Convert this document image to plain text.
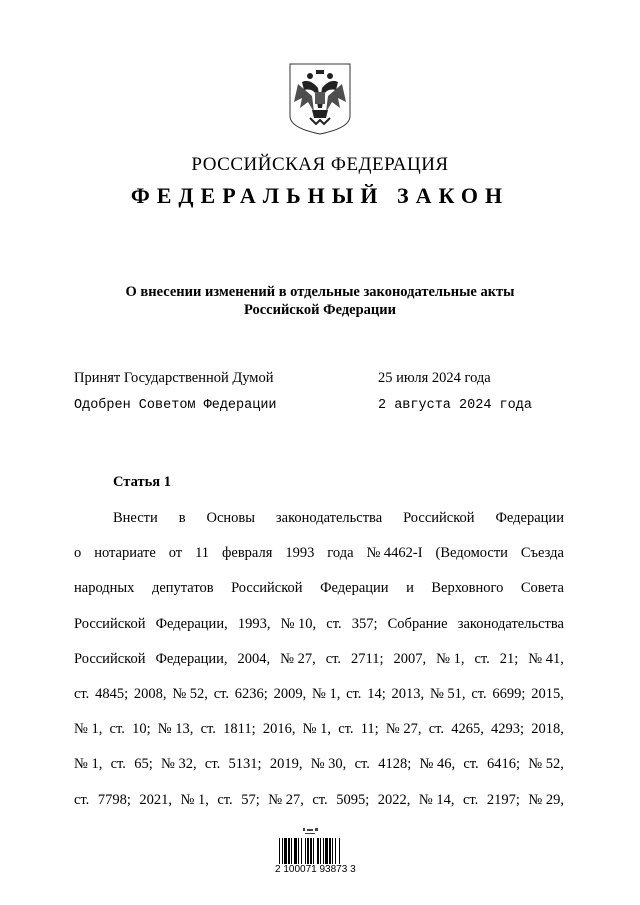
РОССИЙСКАЯ ФЕДЕРАЦИЯ
ФЕДЕРАЛЬНЫЙ ЗАКОН
О внесении изменений в отдельные законодательные акты
Российской Федерации
Принят Государственной Думой	25 июля 2024 года
Одобрен Советом Федерации	2 августа 2024 года
Статья 1
Внести в Основы законодательства Российской Федерации
о нотариате от 11 февраля 1993 года № 4462-I (Ведомости Съезда
народных депутатов Российской Федерации и Верховного Совета
Российской Федерации, 1993, № 10, ст. 357; Собрание законодательства
Российской Федерации, 2004, № 27, ст. 2711; 2007, № 1, ст. 21; № 41,
ст. 4845; 2008, № 52, ст. 6236; 2009, № 1, ст. 14; 2013, № 51, ст. 6699; 2015,
№ 1, ст. 10; № 13, ст. 1811; 2016, № 1, ст. 11; № 27, ст. 4265, 4293; 2018,
№ 1, ст. 65; № 32, ст. 5131; 2019, № 30, ст. 4128; № 46, ст. 6416; № 52,
ст. 7798; 2021, № 1, ст. 57; № 27, ст. 5095; 2022, № 14, ст. 2197; № 29,
2 100071 93873 3
